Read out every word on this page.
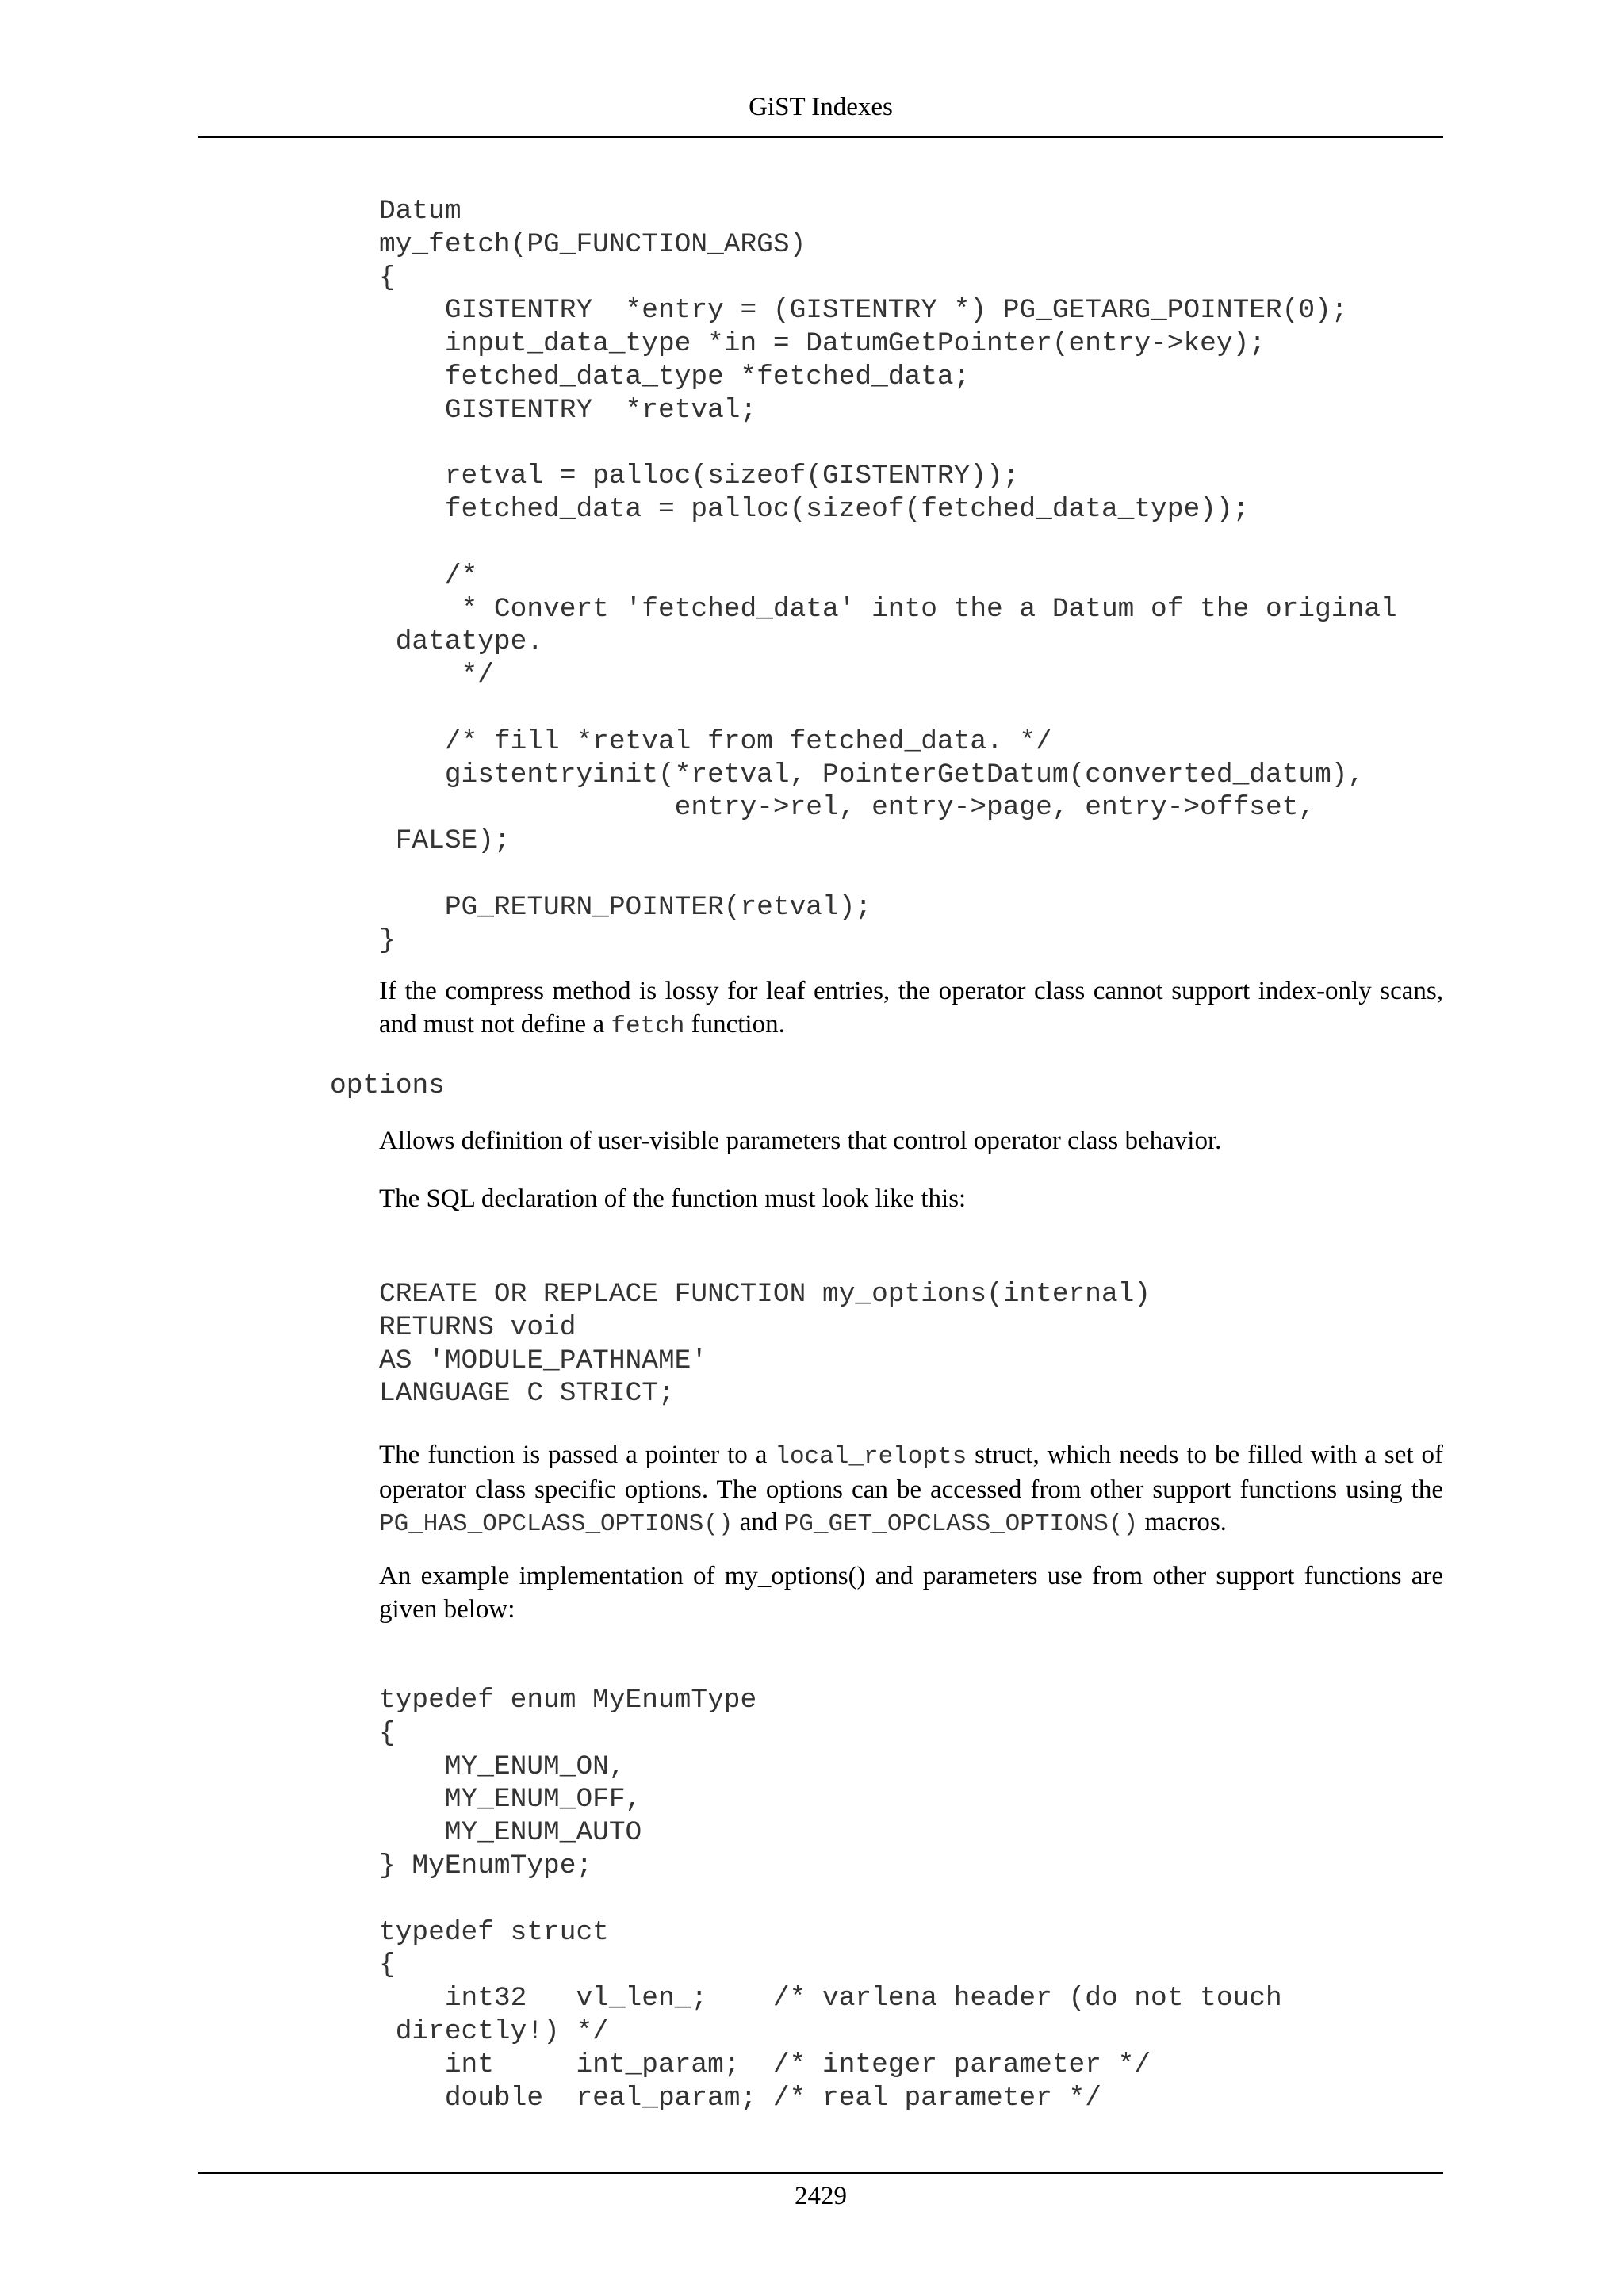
GiST Indexes
Datum
my_fetch(PG_FUNCTION_ARGS)
{
GISTENTRY  *entry = (GISTENTRY *) PG_GETARG_POINTER(0);
input_data_type *in = DatumGetPointer(entry->key);
fetched_data_type *fetched_data;
GISTENTRY  *retval;

retval = palloc(sizeof(GISTENTRY));
fetched_data = palloc(sizeof(fetched_data_type));

/*
* Convert 'fetched_data' into the a Datum of the original
datatype.
*/

/* fill *retval from fetched_data. */
gistentryinit(*retval, PointerGetDatum(converted_datum),
entry->rel, entry->page, entry->offset,
FALSE);

PG_RETURN_POINTER(retval);
}

If the compress method is lossy for leaf entries, the operator class cannot support index-only scans, and must not define a fetch function.

options

Allows definition of user-visible parameters that control operator class behavior.

The SQL declaration of the function must look like this:

CREATE OR REPLACE FUNCTION my_options(internal)
RETURNS void
AS 'MODULE_PATHNAME'
LANGUAGE C STRICT;

The function is passed a pointer to a local_relopts struct, which needs to be filled with a set of operator class specific options. The options can be accessed from other support functions using the PG_HAS_OPCLASS_OPTIONS() and PG_GET_OPCLASS_OPTIONS() macros.

An example implementation of my_options() and parameters use from other support functions are given below:

typedef enum MyEnumType
{
MY_ENUM_ON,
MY_ENUM_OFF,
MY_ENUM_AUTO
} MyEnumType;

typedef struct
{
int32   vl_len_;    /* varlena header (do not touch
directly!) */
int     int_param;  /* integer parameter */
double  real_param; /* real parameter */
2429
